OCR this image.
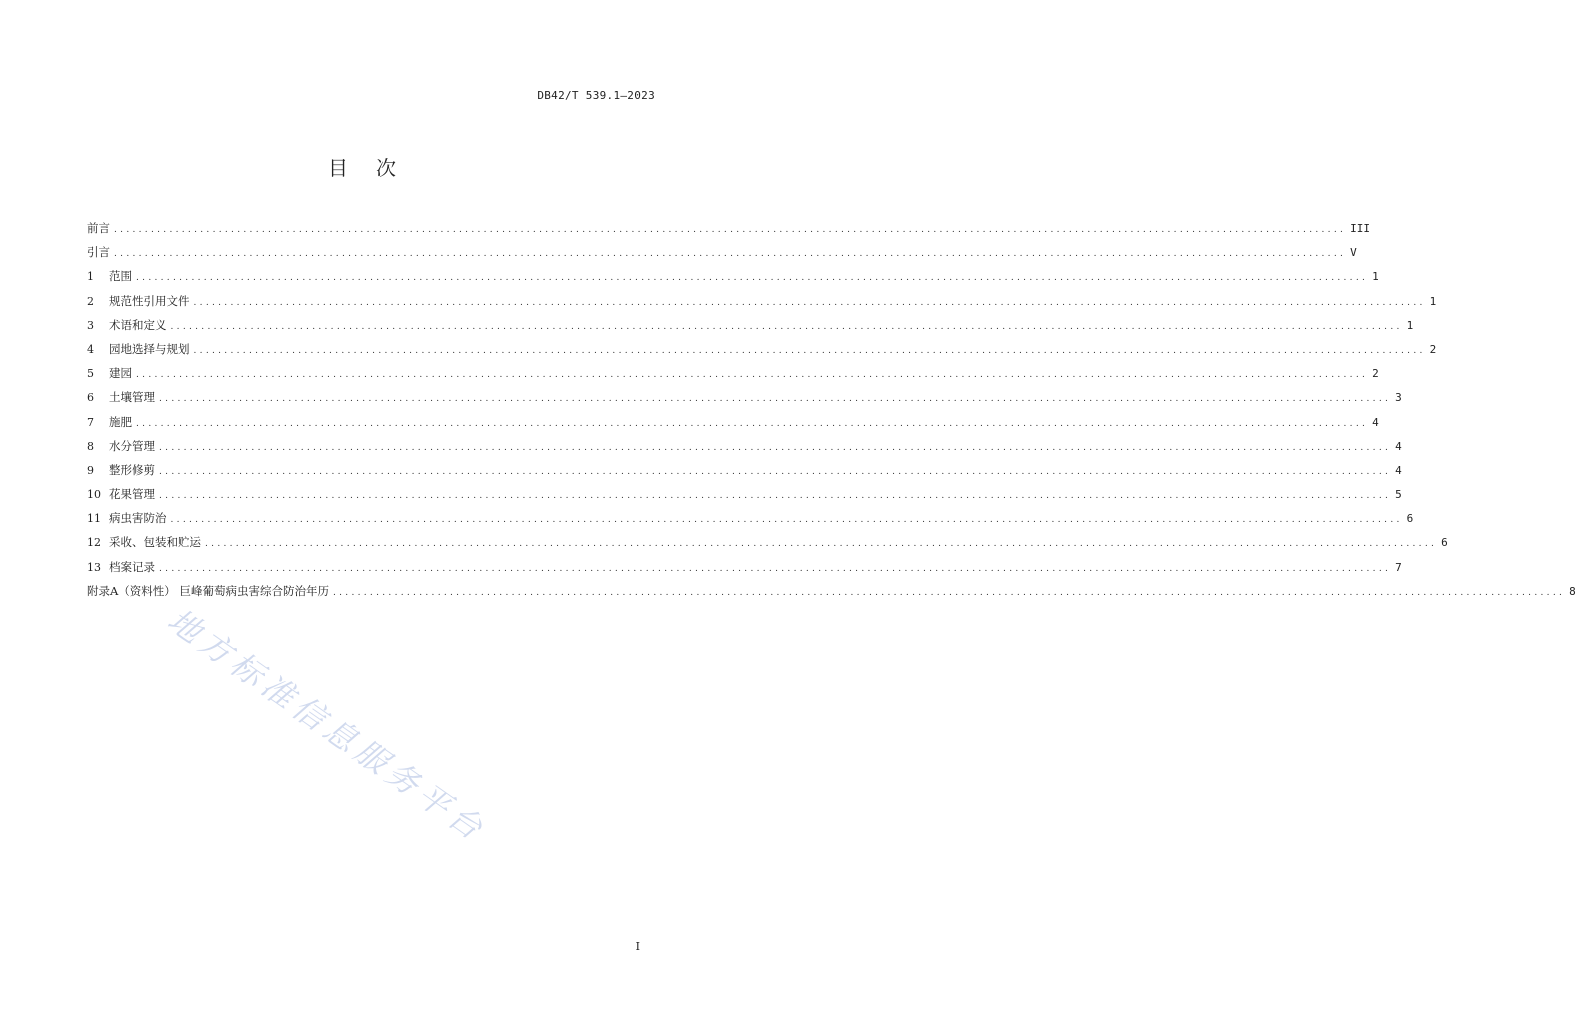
DB42/T 539.1—2023
目 次
前言 ........................................................................................................................................................................................................ III
引言 ........................................................................................................................................................................................................ V
1	范围 ........................................................................................................................................................................................................ 1
2	规范性引用文件 ........................................................................................................................................................................................................ 1
3	术语和定义 ........................................................................................................................................................................................................ 1
4	园地选择与规划 ........................................................................................................................................................................................................ 2
5	建园 ........................................................................................................................................................................................................ 2
6	土壤管理 ........................................................................................................................................................................................................ 3
7	施肥 ........................................................................................................................................................................................................ 4
8	水分管理 ........................................................................................................................................................................................................ 4
9	整形修剪 ........................................................................................................................................................................................................ 4
10 花果管理 ........................................................................................................................................................................................................ 5
11 病虫害防治 ........................................................................................................................................................................................................ 6
12 采收、包装和贮运 ........................................................................................................................................................................................................ 6
13 档案记录 ........................................................................................................................................................................................................ 7
附录A（资料性） 巨峰葡萄病虫害综合防治年历 ........................................................................................................................................................................................................ 8
地方标准信息服务平台
I
